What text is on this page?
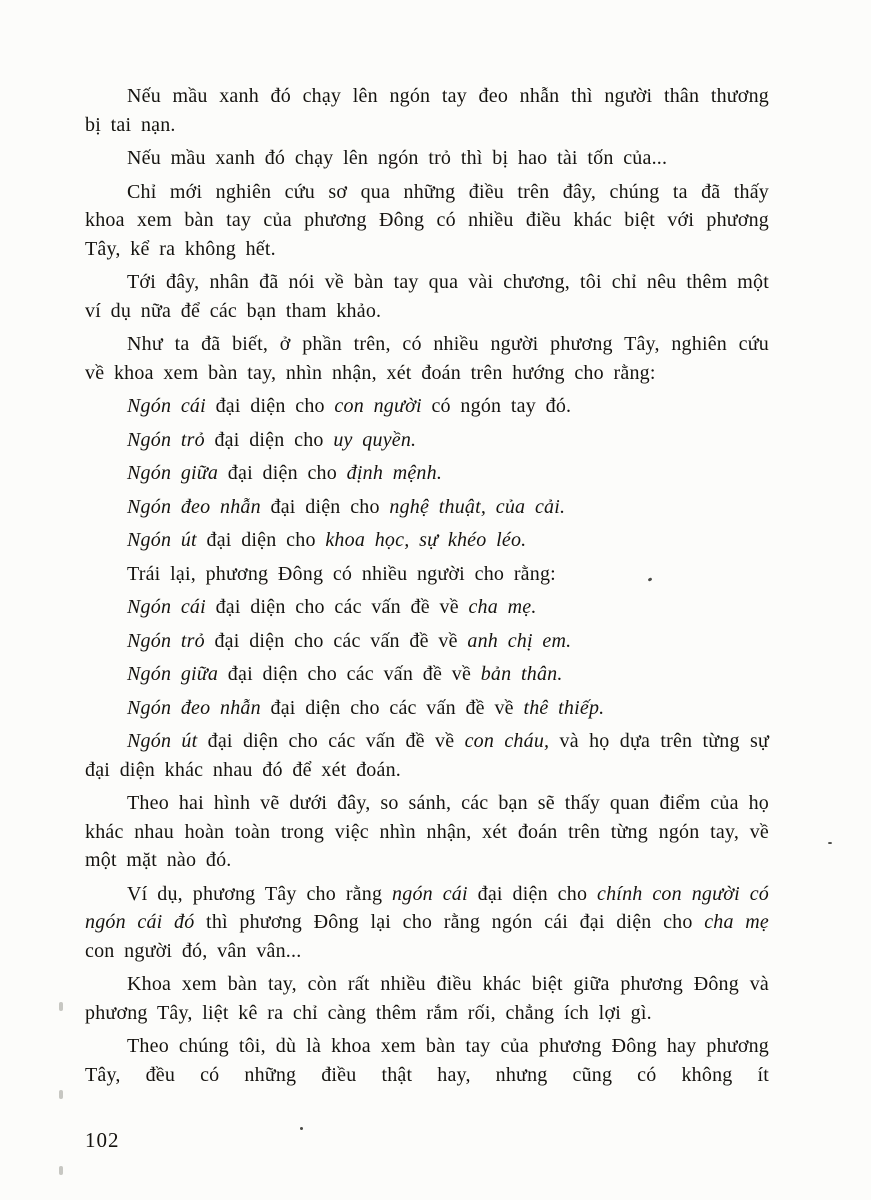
Nếu mầu xanh đó chạy lên ngón tay đeo nhẫn thì người thân thương bị tai nạn.

Nếu mầu xanh đó chạy lên ngón trỏ thì bị hao tài tốn của...

Chỉ mới nghiên cứu sơ qua những điều trên đây, chúng ta đã thấy khoa xem bàn tay của phương Đông có nhiều điều khác biệt với phương Tây, kể ra không hết.

Tới đây, nhân đã nói về bàn tay qua vài chương, tôi chỉ nêu thêm một ví dụ nữa để các bạn tham khảo.

Như ta đã biết, ở phần trên, có nhiều người phương Tây, nghiên cứu về khoa xem bàn tay, nhìn nhận, xét đoán trên hướng cho rằng:

Ngón cái đại diện cho con người có ngón tay đó.

Ngón trỏ đại diện cho uy quyền.

Ngón giữa đại diện cho định mệnh.

Ngón đeo nhẫn đại diện cho nghệ thuật, của cải.

Ngón út đại diện cho khoa học, sự khéo léo.

Trái lại, phương Đông có nhiều người cho rằng:

Ngón cái đại diện cho các vấn đề về cha mẹ.

Ngón trỏ đại diện cho các vấn đề về anh chị em.

Ngón giữa đại diện cho các vấn đề về bản thân.

Ngón đeo nhẫn đại diện cho các vấn đề về thê thiếp.

Ngón út đại diện cho các vấn đề về con cháu, và họ dựa trên từng sự đại diện khác nhau đó để xét đoán.

Theo hai hình vẽ dưới đây, so sánh, các bạn sẽ thấy quan điểm của họ khác nhau hoàn toàn trong việc nhìn nhận, xét đoán trên từng ngón tay, về một mặt nào đó.

Ví dụ, phương Tây cho rằng ngón cái đại diện cho chính con người có ngón cái đó thì phương Đông lại cho rằng ngón cái đại diện cho cha mẹ con người đó, vân vân...

Khoa xem bàn tay, còn rất nhiều điều khác biệt giữa phương Đông và phương Tây, liệt kê ra chỉ càng thêm rắm rối, chẳng ích lợi gì.

Theo chúng tôi, dù là khoa xem bàn tay của phương Đông hay phương Tây, đều có những điều thật hay, nhưng cũng có không ít

102
